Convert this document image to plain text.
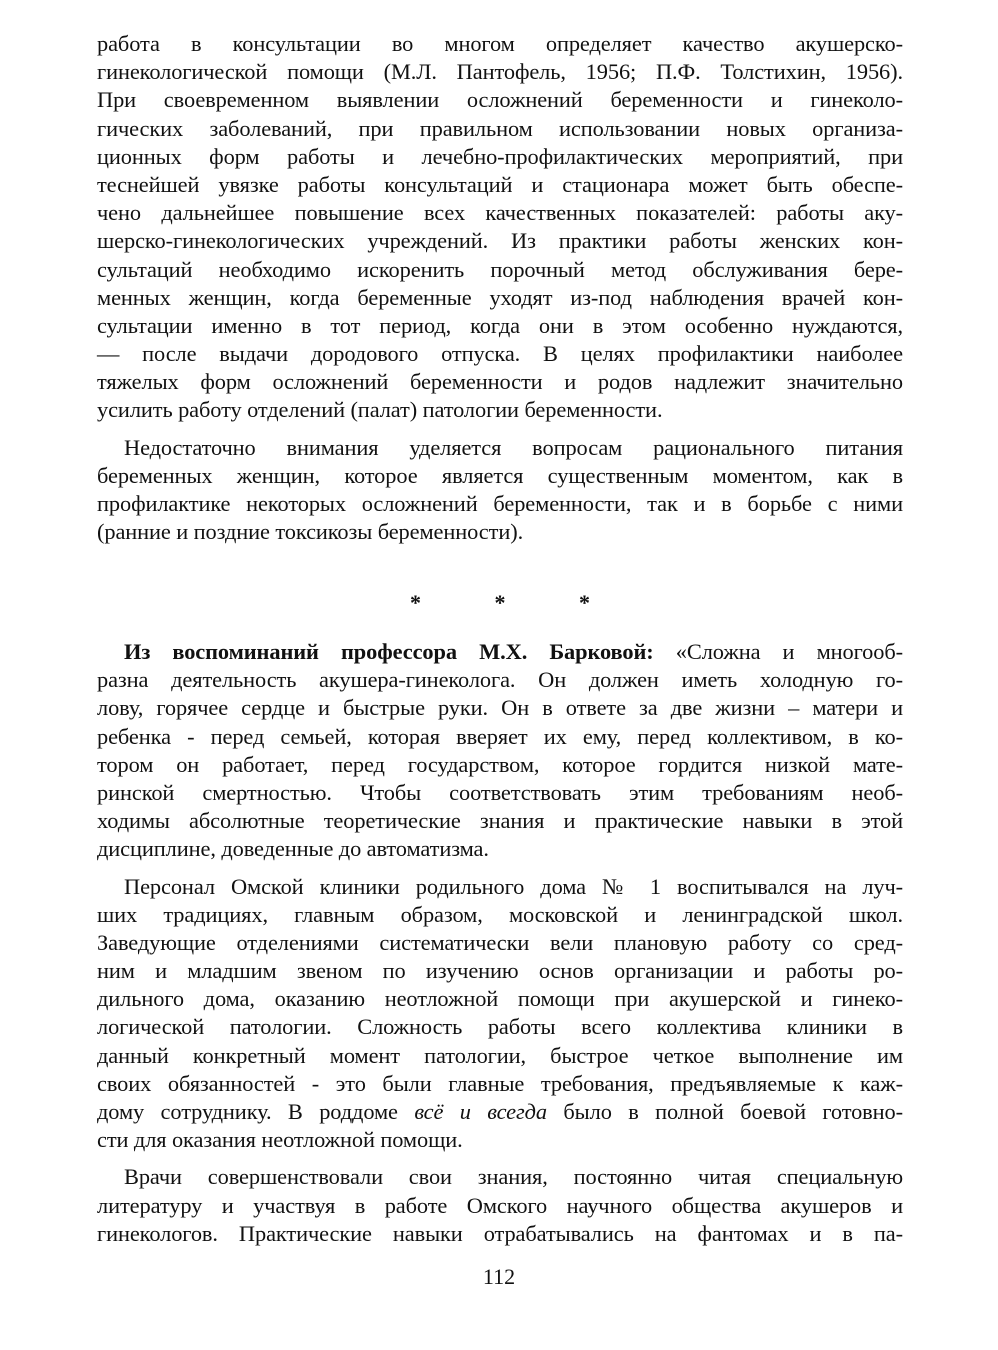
работа в консультации во многом определяет качество акушерско-
гинекологической помощи (М.Л. Пантофель, 1956; П.Ф. Толстихин, 1956).
При своевременном выявлении осложнений беременности и гинеколо-
гических заболеваний, при правильном использовании новых организа-
ционных форм работы и лечебно-профилактических мероприятий, при
теснейшей увязке работы консультаций и стационара может быть обеспе-
чено дальнейшее повышение всех качественных показателей: работы аку-
шерско-гинекологических учреждений. Из практики работы женских кон-
сультаций необходимо искоренить порочный метод обслуживания бере-
менных женщин, когда беременные уходят из-под наблюдения врачей кон-
сультации именно в тот период, когда они в этом особенно нуждаются,
— после выдачи дородового отпуска. В целях профилактики наиболее
тяжелых форм осложнений беременности и родов надлежит значительно
усилить работу отделений (палат) патологии беременности.
Недостаточно внимания уделяется вопросам рационального питания
беременных женщин, которое является существенным моментом, как в
профилактике некоторых осложнений беременности, так и в борьбе с ними
(ранние и поздние токсикозы беременности).
* * *
Из воспоминаний профессора М.Х. Барковой: «Сложна и многооб-
разна деятельность акушера-гинеколога. Он должен иметь холодную го-
лову, горячее сердце и быстрые руки. Он в ответе за две жизни – матери и
ребенка - перед семьей, которая вверяет их ему, перед коллективом, в ко-
тором он работает, перед государством, которое гордится низкой мате-
ринской смертностью. Чтобы соответствовать этим требованиям необ-
ходимы абсолютные теоретические знания и практические навыки в этой
дисциплине, доведенные до автоматизма.
Персонал Омской клиники родильного дома № 1 воспитывался на луч-
ших традициях, главным образом, московской и ленинградской школ.
Заведующие отделениями систематически вели плановую работу со сред-
ним и младшим звеном по изучению основ организации и работы ро-
дильного дома, оказанию неотложной помощи при акушерской и гинеко-
логической патологии. Сложность работы всего коллектива клиники в
данный конкретный момент патологии, быстрое четкое выполнение им
своих обязанностей - это были главные требования, предъявляемые к каж-
дому сотруднику. В роддоме всё и всегда было в полной боевой готовно-
сти для оказания неотложной помощи.
Врачи совершенствовали свои знания, постоянно читая специальную
литературу и участвуя в работе Омского научного общества акушеров и
гинекологов. Практические навыки отрабатывались на фантомах и в па-
112
